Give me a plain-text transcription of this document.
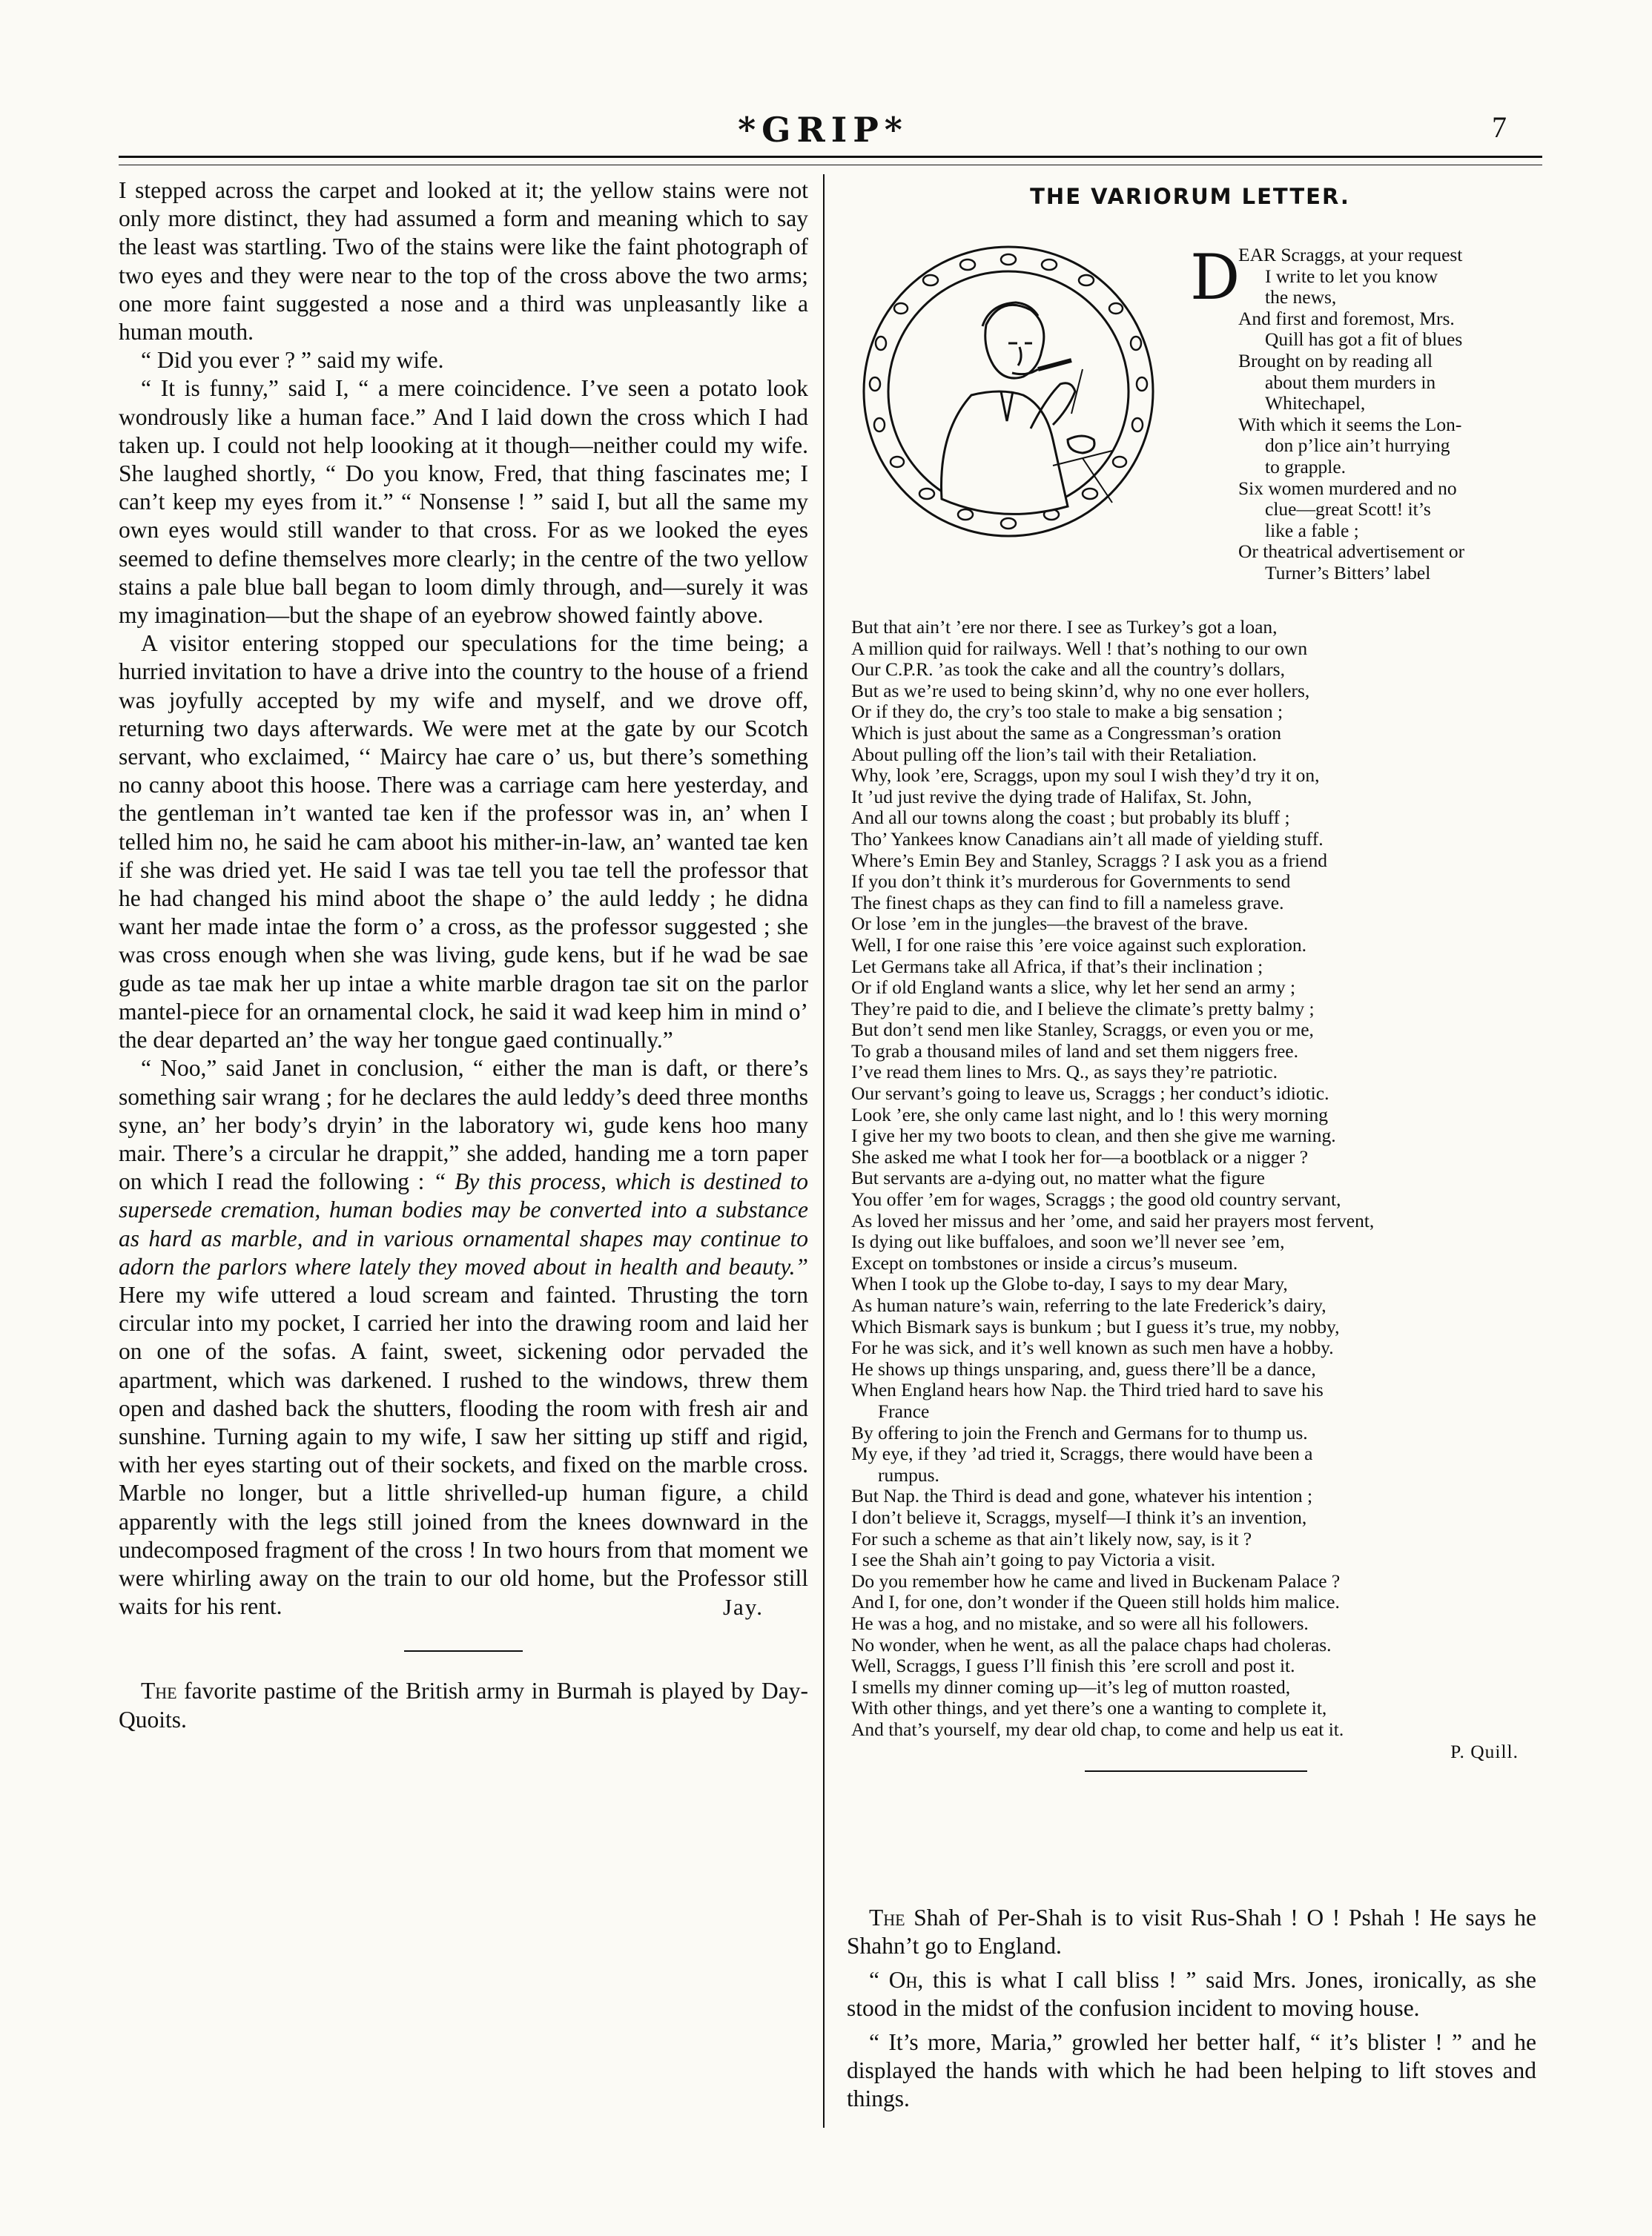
*GRIP*	7

I stepped across the carpet and looked at it; the yellow stains were not only more distinct, they had assumed a form and meaning which to say the least was startling. Two of the stains were like the faint photograph of two eyes and they were near to the top of the cross above the two arms; one more faint suggested a nose and a third was unpleasantly like a human mouth.

“ Did you ever ? ” said my wife.

“ It is funny,” said I, “ a mere coincidence. I’ve seen a potato look wondrously like a human face.” And I laid down the cross which I had taken up. I could not help loooking at it though—neither could my wife. She laughed shortly, “ Do you know, Fred, that thing fascinates me; I can’t keep my eyes from it.” “ Nonsense ! ” said I, but all the same my own eyes would still wander to that cross. For as we looked the eyes seemed to define themselves more clearly; in the centre of the two yellow stains a pale blue ball began to loom dimly through, and—surely it was my imagination—but the shape of an eyebrow showed faintly above.

A visitor entering stopped our speculations for the time being; a hurried invitation to have a drive into the country to the house of a friend was joyfully accepted by my wife and myself, and we drove off, returning two days afterwards. We were met at the gate by our Scotch servant, who exclaimed, ‘‘ Maircy hae care o’ us, but there’s something no canny aboot this hoose. There was a carriage cam here yesterday, and the gentleman in’t wanted tae ken if the professor was in, an’ when I telled him no, he said he cam aboot his mither-in-law, an’ wanted tae ken if she was dried yet. He said I was tae tell you tae tell the professor that he had changed his mind aboot the shape o’ the auld leddy ; he didna want her made intae the form o’ a cross, as the professor suggested ; she was cross enough when she was living, gude kens, but if he wad be sae gude as tae mak her up intae a white marble dragon tae sit on the parlor mantel-piece for an ornamental clock, he said it wad keep him in mind o’ the dear departed an’ the way her tongue gaed continually.”

“ Noo,” said Janet in conclusion, “ either the man is daft, or there’s something sair wrang ; for he declares the auld leddy’s deed three months syne, an’ her body’s dryin’ in the laboratory wi, gude kens hoo many mair. There’s a circular he drappit,” she added, handing me a torn paper on which I read the following : “ By this process, which is destined to supersede cremation, human bodies may be converted into a substance as hard as marble, and in various ornamental shapes may continue to adorn the parlors where lately they moved about in health and beauty.” Here my wife uttered a loud scream and fainted. Thrusting the torn circular into my pocket, I carried her into the drawing room and laid her on one of the sofas. A faint, sweet, sickening odor pervaded the apartment, which was darkened. I rushed to the windows, threw them open and dashed back the shutters, flooding the room with fresh air and sunshine. Turning again to my wife, I saw her sitting up stiff and rigid, with her eyes starting out of their sockets, and fixed on the marble cross. Marble no longer, but a little shrivelled-up human figure, a child apparently with the legs still joined from the knees downward in the undecomposed fragment of the cross ! In two hours from that moment we were whirling away on the train to our old home, but the Professor still waits for his rent.	Jay.

The favorite pastime of the British army in Burmah is played by Day-Quoits.

THE VARIORUM LETTER.
D
EAR Scraggs, at your request
I write to let you know
the news,
And first and foremost, Mrs.
Quill has got a fit of blues
Brought on by reading all
about them murders in
Whitechapel,
With which it seems the Lon-
don p’lice ain’t hurrying
to grapple.
Six women murdered and no
clue—great Scott! it’s
like a fable ;
Or theatrical advertisement or
Turner’s Bitters’ label
But that ain’t ’ere nor there. I see as Turkey’s got a loan,
A million quid for railways. Well ! that’s nothing to our own
Our C.P.R. ’as took the cake and all the country’s dollars,
But as we’re used to being skinn’d, why no one ever hollers,
Or if they do, the cry’s too stale to make a big sensation ;
Which is just about the same as a Congressman’s oration
About pulling off the lion’s tail with their Retaliation.
Why, look ’ere, Scraggs, upon my soul I wish they’d try it on,
It ’ud just revive the dying trade of Halifax, St. John,
And all our towns along the coast ; but probably its bluff ;
Tho’ Yankees know Canadians ain’t all made of yielding stuff.
Where’s Emin Bey and Stanley, Scraggs ? I ask you as a friend
If you don’t think it’s murderous for Governments to send
The finest chaps as they can find to fill a nameless grave.
Or lose ’em in the jungles—the bravest of the brave.
Well, I for one raise this ’ere voice against such exploration.
Let Germans take all Africa, if that’s their inclination ;
Or if old England wants a slice, why let her send an army ;
They’re paid to die, and I believe the climate’s pretty balmy ;
But don’t send men like Stanley, Scraggs, or even you or me,
To grab a thousand miles of land and set them niggers free.
I’ve read them lines to Mrs. Q., as says they’re patriotic.
Our servant’s going to leave us, Scraggs ; her conduct’s idiotic.
Look ’ere, she only came last night, and lo ! this wery morning
I give her my two boots to clean, and then she give me warning.
She asked me what I took her for—a bootblack or a nigger ?
But servants are a-dying out, no matter what the figure
You offer ’em for wages, Scraggs ; the good old country servant,
As loved her missus and her ’ome, and said her prayers most fervent,
Is dying out like buffaloes, and soon we’ll never see ’em,
Except on tombstones or inside a circus’s museum.
When I took up the Globe to-day, I says to my dear Mary,
As human nature’s wain, referring to the late Frederick’s dairy,
Which Bismark says is bunkum ; but I guess it’s true, my nobby,
For he was sick, and it’s well known as such men have a hobby.
He shows up things unsparing, and, guess there’ll be a dance,
When England hears how Nap. the Third tried hard to save his
France
By offering to join the French and Germans for to thump us.
My eye, if they ’ad tried it, Scraggs, there would have been a
rumpus.
But Nap. the Third is dead and gone, whatever his intention ;
I don’t believe it, Scraggs, myself—I think it’s an invention,
For such a scheme as that ain’t likely now, say, is it ?
I see the Shah ain’t going to pay Victoria a visit.
Do you remember how he came and lived in Buckenam Palace ?
And I, for one, don’t wonder if the Queen still holds him malice.
He was a hog, and no mistake, and so were all his followers.
No wonder, when he went, as all the palace chaps had choleras.
Well, Scraggs, I guess I’ll finish this ’ere scroll and post it.
I smells my dinner coming up—it’s leg of mutton roasted,
With other things, and yet there’s one a wanting to complete it,
And that’s yourself, my dear old chap, to come and help us eat it.
P. Quill.

The Shah of Per-Shah is to visit Rus-Shah ! O ! Pshah ! He says he Shahn’t go to England.

“ Oh, this is what I call bliss ! ” said Mrs. Jones, ironically, as she stood in the midst of the confusion incident to moving house.

“ It’s more, Maria,” growled her better half, “ it’s blister ! ” and he displayed the hands with which he had been helping to lift stoves and things.
